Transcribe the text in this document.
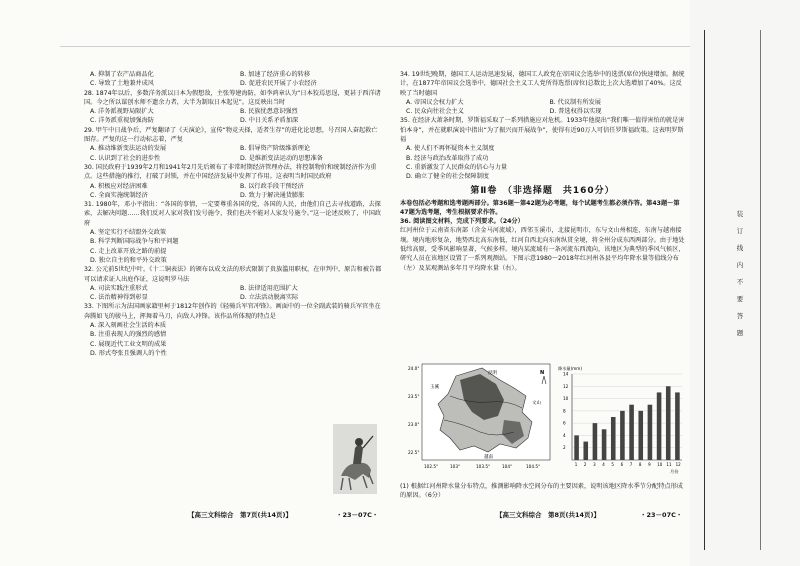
A. 抑制了农产品商品化	B. 加速了经济重心的转移
C. 导致了土地兼并成风	D. 促进农民开展了小农经济

28. 1874年以后，多数洋务派以日本为假想敌，主张筹建海防，如李鸿章认为“日本狡焉思逞，更甚于西洋诸国。今之所以谋创水师不遗余力者，大半为制取日本起见”。这反映出当时

A. 洋务派视野局限扩大	B. 民族忧患意识强烈
C. 洋务派重视加强海防	D. 中日关系矛盾加深

29. 甲午中日战争后，严复翻译了《天演论》，宣传“物竞天择，适者生存”的进化论思想，号召国人奋起救亡图存。严复的这一行动标志着，严复

A. 推动维新变法运动的发展	B. 倡导资产阶级维新理论
C. 认识到了社会的进步性	D. 是维新变法运动的思想准备

30. 国民政府于1939年2月和1941年2月先后颁布了非常时期经济管理办法，将控制物价和统制经济作为重点。这些措施的推行，打破了封锁，并在中国经济发展中发挥了作用。这表明当时国民政府

A. 积极应对经济困难	B. 以行政手段干预经济
C. 全面实施统制经济	D. 致力于解决通货膨胀

31. 1980年，邓小平指出：“各国的事情，一定要尊重各国的党，各国的人民，由他们自己去寻找道路，去探索，去解决问题……我们反对人家对我们发号施令，我们也决不能对人家发号施令。”这一论述反映了，中国政府

A. 坚定实行不结盟外交政策
B. 科学判断国际战争与和平问题
C. 走上改革开放之路的前提
D. 独立自主的和平外交政策

32. 公元前5世纪中叶，《十二铜表法》的颁布以成文法的形式限制了贵族滥用职权，在审判中，原告和被告都可以请求证人出庭作证，这说明罗马法

A. 司法实践注重形式	B. 法律适用范围扩大
C. 法治精神得到彰显	D. 立法活动脱离实际

33. 下图所示为法国画家籍里柯于1812年创作的《轻骑兵军官冲锋》。画面中的一位全副武装的骑兵军官坐在奔腾如飞的骏马上，挥舞着马刀，向敌人冲锋。该作品所体现的特点是

A. 深入刻画社会生活的本质
B. 注重表现人的强烈的感情
C. 展现近代工业文明的成果
D. 形式夸张且强调人的个性
【高三文科综合　第7页(共14页)】	・23－07C・

34. 19世纪晚期，德国工人运动迅速发展，德国工人政党在帝国议会选举中的选票(席位)快速增加。据统计，在1877年帝国议会选举中，德国社会主义工人党所得选票(席位)总数比上次大选增加了40%。这反映了当时德国

A. 帝国议会权力扩大	B. 代议制有所发展
C. 民众向往社会主义	D. 普选权得以实现

35. 在经济大萧条时期，罗斯福采取了一系列措施应对危机。1933年他提出“我们唯一值得害怕的就是害怕本身”，并在就职演说中指出“为了振兴而开展战争”，使得有近90万人可信任罗斯福政策。这表明罗斯福

A. 使人们不再怀疑资本主义制度
B. 经济与政治改革取得了成功
C. 重新激发了人民群众的信心与力量
D. 确立了健全的社会保障制度
第Ⅱ卷　（非选择题　共160分）

本卷包括必考题和选考题两部分。第36题～第42题为必考题，每个试题考生都必须作答。第43题～第47题为选考题，考生根据要求作答。

36. 阅读图文材料，完成下列要求。（24分）

红河州位于云南省东南部（含金马河流域），西邻玉溪市，北接昆明市，东与文山州相连，东南与越南接壤。境内地形复杂，地势西北高东南低，红河自西北向东南纵贯全境，将全州分成东西两部分。由于地处低纬高原，受季风影响显著，气候多样。境内某流域有一条河流东西流向，该地区为典型的季风气候区，研究人员在该地区设置了一系列观测站。下图示意1980～2018年红河州各县平均年降水量等值线分布（左）及某观测站多年月平均降水量（右）。

(1) 根据红河州降水量分布特点，推测影响降水空间分布的主要因素，说明该地区降水季节分配特点形成的原因。（6分）

24.0°
23.5°
23.0°
22.5°
102.5°	103°	103.5°	104°	104.5°
玉溪
昆明
文山
越南
N
2
4
6
8
10
12
14
1 2 3 4 5 6 7 8 9 10 11 12
月份
降水量(mm)
【高三文科综合　第8页(共14页)】	・23－07C・
装
订
线
内
不
要
答
题
